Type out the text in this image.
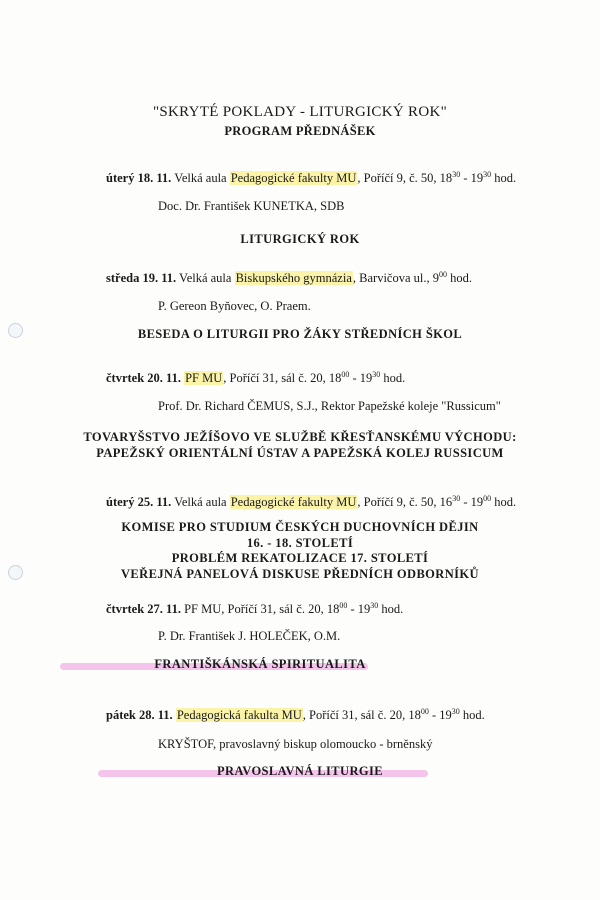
"SKRYTÉ POKLADY - LITURGICKÝ ROK"
PROGRAM PŘEDNÁŠEK
úterý 18. 11. Velká aula Pedagogické fakulty MU, Poříčí 9, č. 50, $18^{30} - 19^{30}$ hod.
Doc. Dr. František KUNETKA, SDB
LITURGICKÝ ROK
středa 19. 11. Velká aula Biskupského gymnázia, Barvičova ul., $9^{00}$ hod.
P. Gereon Byňovec, O. Praem.
BESEDA O LITURGII PRO ŽÁKY STŘEDNÍCH ŠKOL
čtvrtek 20. 11. PF MU, Poříčí 31, sál č. 20, $18^{00} - 19^{30}$ hod.
Prof. Dr. Richard ČEMUS, S.J., Rektor Papežské koleje "Russicum"
TOVARYŠSTVO JEŽÍŠOVO VE SLUŽBĚ KŘESŤANSKÉMU VÝCHODU:
PAPEŽSKÝ ORIENTÁLNÍ ÚSTAV A PAPEŽSKÁ KOLEJ RUSSICUM
úterý 25. 11. Velká aula Pedagogické fakulty MU, Poříčí 9, č. 50, $16^{30} - 19^{00}$ hod.
KOMISE PRO STUDIUM ČESKÝCH DUCHOVNÍCH DĚJIN
16. - 18. STOLETÍ
PROBLÉM REKATOLIZACE 17. STOLETÍ
VEŘEJNÁ PANELOVÁ DISKUSE PŘEDNÍCH ODBORNÍKŮ
čtvrtek 27. 11. PF MU, Poříčí 31, sál č. 20, $18^{00} - 19^{30}$ hod.
P. Dr. František J. HOLEČEK, O.M.
FRANTIŠKÁNSKÁ SPIRITUALITA
pátek 28. 11. Pedagogická fakulta MU, Poříčí 31, sál č. 20, $18^{00} - 19^{30}$ hod.
KRYŠTOF, pravoslavný biskup olomoucko - brněnský
PRAVOSLAVNÁ LITURGIE
